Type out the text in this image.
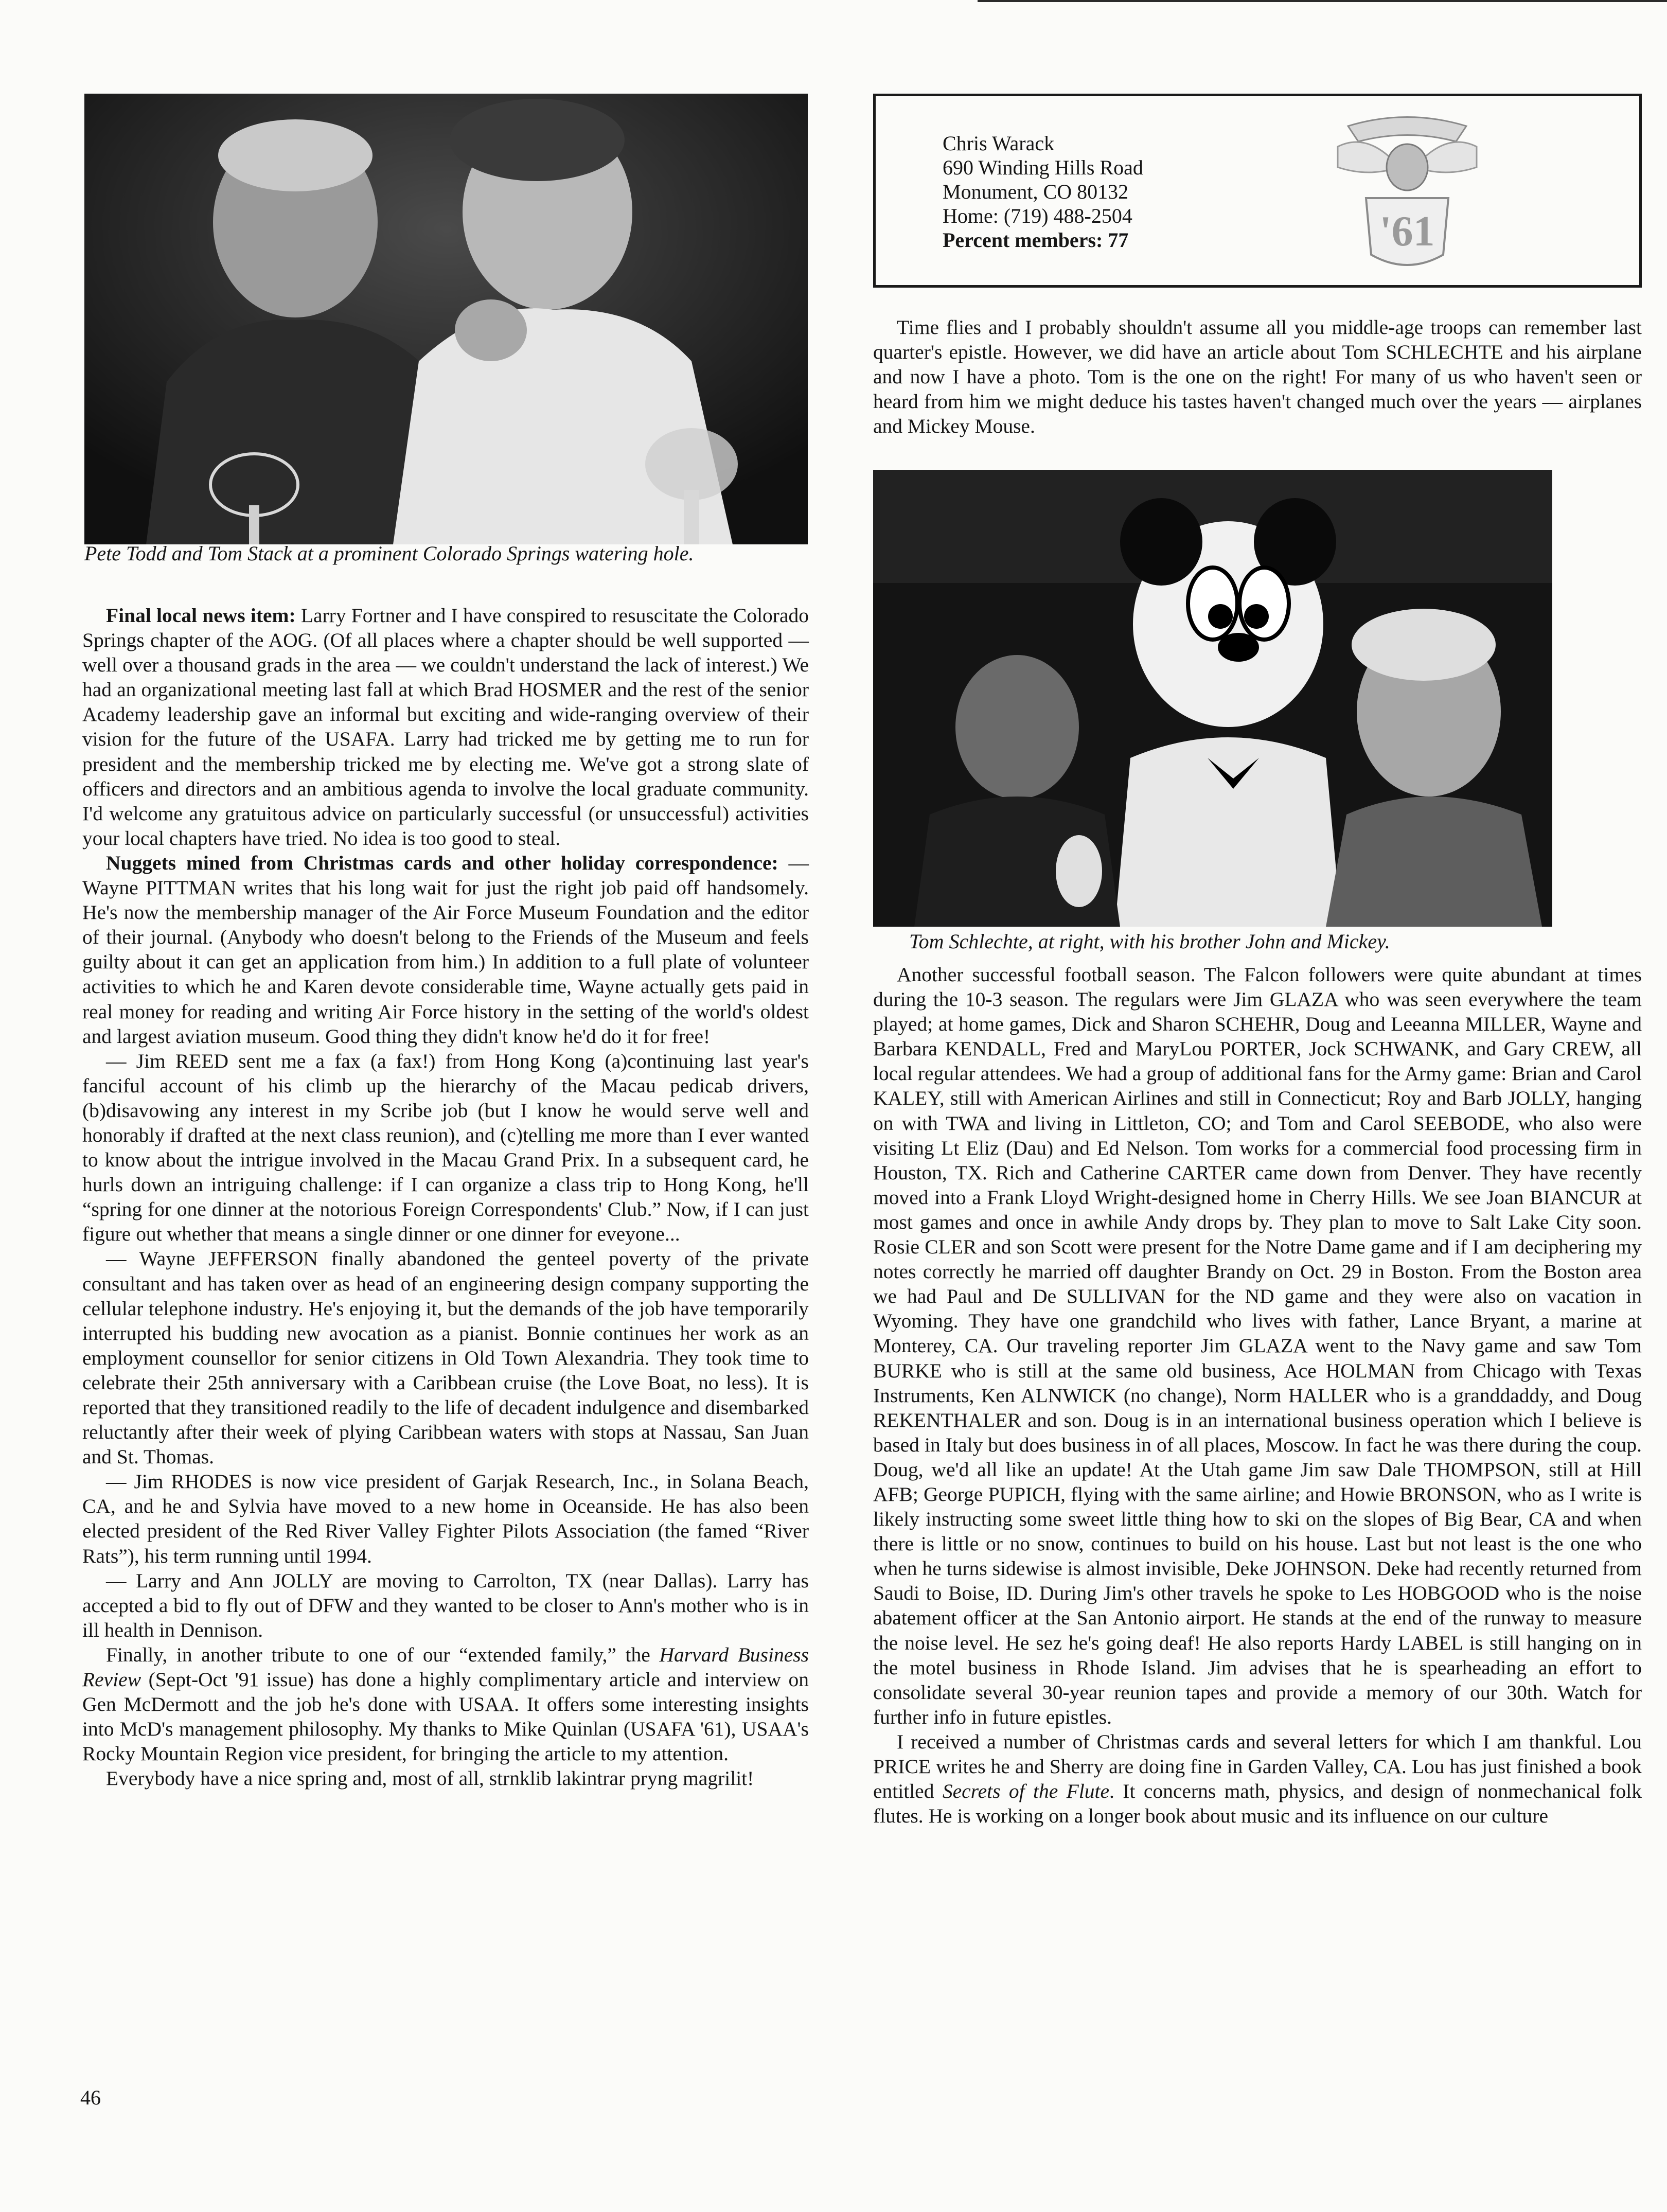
Pete Todd and Tom Stack at a prominent Colorado Springs watering hole.

Final local news item: Larry Fortner and I have conspired to resuscitate the Colorado Springs chapter of the AOG. (Of all places where a chapter should be well supported — well over a thousand grads in the area — we couldn't understand the lack of interest.) We had an organizational meeting last fall at which Brad HOSMER and the rest of the senior Academy leadership gave an informal but exciting and wide-ranging overview of their vision for the future of the USAFA. Larry had tricked me by getting me to run for president and the membership tricked me by electing me. We've got a strong slate of officers and directors and an ambitious agenda to involve the local graduate community. I'd welcome any gratuitous advice on particularly successful (or unsuccessful) activities your local chapters have tried. No idea is too good to steal.

Nuggets mined from Christmas cards and other holiday correspondence: — Wayne PITTMAN writes that his long wait for just the right job paid off handsomely. He's now the membership manager of the Air Force Museum Foundation and the editor of their journal. (Anybody who doesn't belong to the Friends of the Museum and feels guilty about it can get an application from him.) In addition to a full plate of volunteer activities to which he and Karen devote considerable time, Wayne actually gets paid in real money for reading and writing Air Force history in the setting of the world's oldest and largest aviation museum. Good thing they didn't know he'd do it for free!

— Jim REED sent me a fax (a fax!) from Hong Kong (a)continuing last year's fanciful account of his climb up the hierarchy of the Macau pedicab drivers, (b)disavowing any interest in my Scribe job (but I know he would serve well and honorably if drafted at the next class reunion), and (c)telling me more than I ever wanted to know about the intrigue involved in the Macau Grand Prix. In a subsequent card, he hurls down an intriguing challenge: if I can organize a class trip to Hong Kong, he'll “spring for one dinner at the notorious Foreign Correspondents' Club.” Now, if I can just figure out whether that means a single dinner or one dinner for eveyone...

— Wayne JEFFERSON finally abandoned the genteel poverty of the private consultant and has taken over as head of an engineering design company supporting the cellular telephone industry. He's enjoying it, but the demands of the job have temporarily interrupted his budding new avocation as a pianist. Bonnie continues her work as an employment counsellor for senior citizens in Old Town Alexandria. They took time to celebrate their 25th anniversary with a Caribbean cruise (the Love Boat, no less). It is reported that they transitioned readily to the life of decadent indulgence and disembarked reluctantly after their week of plying Caribbean waters with stops at Nassau, San Juan and St. Thomas.

— Jim RHODES is now vice president of Garjak Research, Inc., in Solana Beach, CA, and he and Sylvia have moved to a new home in Oceanside. He has also been elected president of the Red River Valley Fighter Pilots Association (the famed “River Rats”), his term running until 1994.

— Larry and Ann JOLLY are moving to Carrolton, TX (near Dallas). Larry has accepted a bid to fly out of DFW and they wanted to be closer to Ann's mother who is in ill health in Dennison.

Finally, in another tribute to one of our “extended family,” the Harvard Business Review (Sept-Oct '91 issue) has done a highly complimentary article and interview on Gen McDermott and the job he's done with USAA. It offers some interesting insights into McD's management philosophy. My thanks to Mike Quinlan (USAFA '61), USAA's Rocky Mountain Region vice president, for bringing the article to my attention.

Everybody have a nice spring and, most of all, strnklib lakintrar pryng magrilit!

Chris Warack
690 Winding Hills Road
Monument, CO 80132
Home: (719) 488-2504
Percent members: 77	'61

Time flies and I probably shouldn't assume all you middle-age troops can remember last quarter's epistle. However, we did have an article about Tom SCHLECHTE and his airplane and now I have a photo. Tom is the one on the right! For many of us who haven't seen or heard from him we might deduce his tastes haven't changed much over the years — airplanes and Mickey Mouse.

Tom Schlechte, at right, with his brother John and Mickey.

Another successful football season. The Falcon followers were quite abundant at times during the 10-3 season. The regulars were Jim GLAZA who was seen everywhere the team played; at home games, Dick and Sharon SCHEHR, Doug and Leeanna MILLER, Wayne and Barbara KENDALL, Fred and MaryLou PORTER, Jock SCHWANK, and Gary CREW, all local regular attendees. We had a group of additional fans for the Army game: Brian and Carol KALEY, still with American Airlines and still in Connecticut; Roy and Barb JOLLY, hanging on with TWA and living in Littleton, CO; and Tom and Carol SEEBODE, who also were visiting Lt Eliz (Dau) and Ed Nelson. Tom works for a commercial food processing firm in Houston, TX. Rich and Catherine CARTER came down from Denver. They have recently moved into a Frank Lloyd Wright-designed home in Cherry Hills. We see Joan BIANCUR at most games and once in awhile Andy drops by. They plan to move to Salt Lake City soon. Rosie CLER and son Scott were present for the Notre Dame game and if I am deciphering my notes correctly he married off daughter Brandy on Oct. 29 in Boston. From the Boston area we had Paul and De SULLIVAN for the ND game and they were also on vacation in Wyoming. They have one grandchild who lives with father, Lance Bryant, a marine at Monterey, CA. Our traveling reporter Jim GLAZA went to the Navy game and saw Tom BURKE who is still at the same old business, Ace HOLMAN from Chicago with Texas Instruments, Ken ALNWICK (no change), Norm HALLER who is a granddaddy, and Doug REKENTHALER and son. Doug is in an international business operation which I believe is based in Italy but does business in of all places, Moscow. In fact he was there during the coup. Doug, we'd all like an update! At the Utah game Jim saw Dale THOMPSON, still at Hill AFB; George PUPICH, flying with the same airline; and Howie BRONSON, who as I write is likely instructing some sweet little thing how to ski on the slopes of Big Bear, CA and when there is little or no snow, continues to build on his house. Last but not least is the one who when he turns sidewise is almost invisible, Deke JOHNSON. Deke had recently returned from Saudi to Boise, ID. During Jim's other travels he spoke to Les HOBGOOD who is the noise abatement officer at the San Antonio airport. He stands at the end of the runway to measure the noise level. He sez he's going deaf! He also reports Hardy LABEL is still hanging on in the motel business in Rhode Island. Jim advises that he is spearheading an effort to consolidate several 30-year reunion tapes and provide a memory of our 30th. Watch for further info in future epistles.

I received a number of Christmas cards and several letters for which I am thankful. Lou PRICE writes he and Sherry are doing fine in Garden Valley, CA. Lou has just finished a book entitled Secrets of the Flute. It concerns math, physics, and design of nonmechanical folk flutes. He is working on a longer book about music and its influence on our culture

46
